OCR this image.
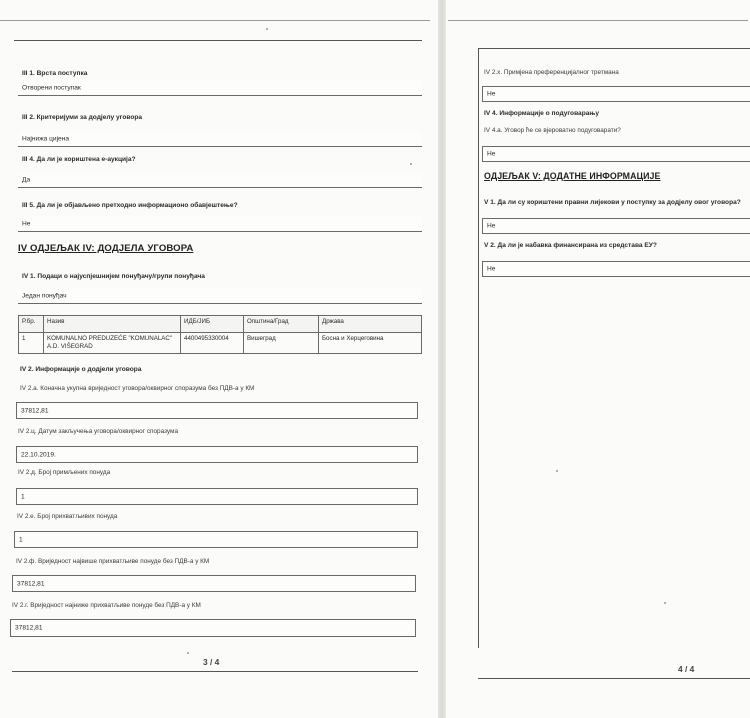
III 1. Врста поступка
Отворени поступак
III 2. Критеријуми за додјелу уговора
Најнижа цијена
III 4. Да ли је кориштена е-аукција?
Да
III 5. Да ли је објављено претходно информационо обавјештење?
Не
IV ОДЈЕЉАК IV: ДОДЈЕЛА УГОВОРА
IV 1. Подаци о најуспјешнијем понуђачу/групи понуђача
Један понуђач
Р.бр.	Назив	ИДБ/ЈИБ	Општина/Град	Држава
1	KOMUNALNO PREDUZEĆE "KOMUNALAC" A.D. VIŠEGRAD	4400495330004	Вишеград	Босна и Херцеговина
IV 2. Информације о додјели уговора
IV 2.а. Коначна укупна вриједност уговора/оквирног споразума без ПДВ-а у КМ
37812,81
IV 2.ц. Датум закључења уговора/оквирног споразума
22.10.2019.
IV 2.д. Број примљених понуда
1
IV 2.е. Број прихватљивих понуда
1
IV 2.ф. Вриједност највише прихватљиве понуде без ПДВ-а у КМ
37812,81
IV 2.г. Вриједност најниже прихватљиве понуде без ПДВ-а у КМ
37812,81
3 / 4
IV 2.х. Примјена преференцијалног третмана
Не
IV 4. Информације о подуговарању
IV 4.а. Уговор ће се вјероватно подуговарати?
Не
ОДЈЕЉАК V: ДОДАТНЕ ИНФОРМАЦИЈЕ
V 1. Да ли су кориштени правни лијекови у поступку за додјелу овог уговора?
Не
V 2. Да ли је набавка финансирана из средстава ЕУ?
Не
4 / 4
